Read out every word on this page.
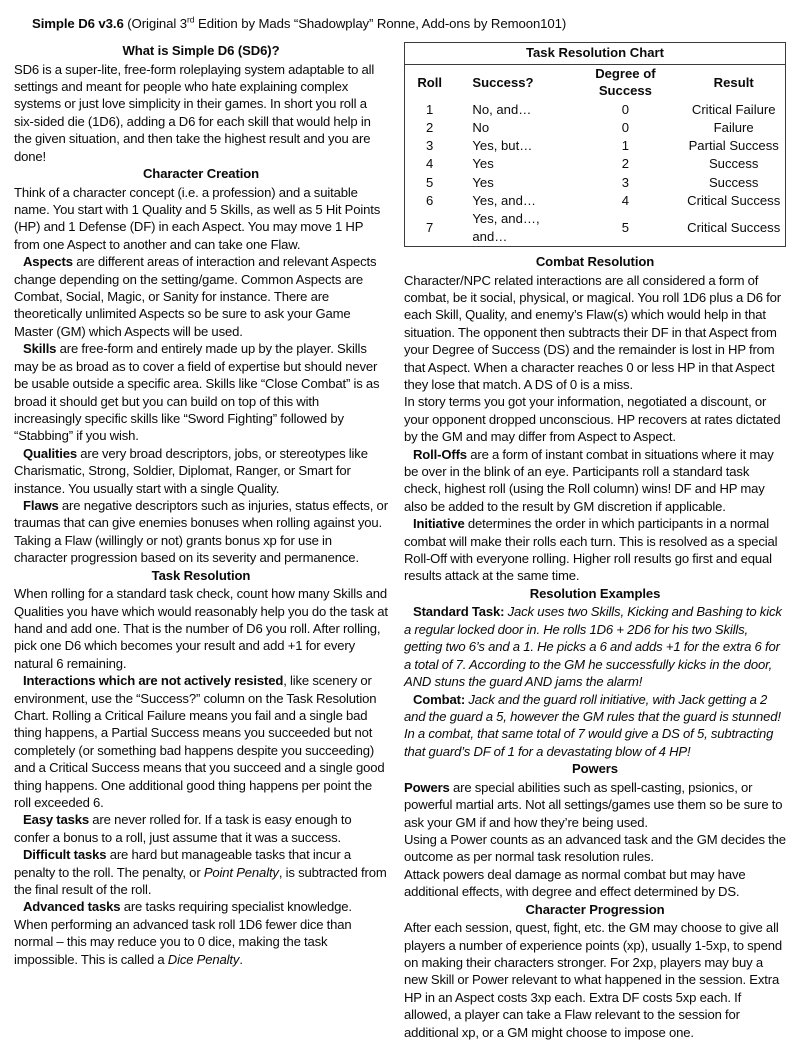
Simple D6 v3.6 (Original 3rd Edition by Mads “Shadowplay” Ronne, Add-ons by Remoon101)
What is Simple D6 (SD6)?

SD6 is a super-lite, free-form roleplaying system adaptable to all settings and meant for people who hate explaining complex systems or just love simplicity in their games. In short you roll a six-sided die (1D6), adding a D6 for each skill that would help in the given situation, and then take the highest result and you are done!

Character Creation

Think of a character concept (i.e. a profession) and a suitable name. You start with 1 Quality and 5 Skills, as well as 5 Hit Points (HP) and 1 Defense (DF) in each Aspect. You may move 1 HP from one Aspect to another and can take one Flaw.

Aspects are different areas of interaction and relevant Aspects change depending on the setting/game. Common Aspects are Combat, Social, Magic, or Sanity for instance. There are theoretically unlimited Aspects so be sure to ask your Game Master (GM) which Aspects will be used.

Skills are free-form and entirely made up by the player. Skills may be as broad as to cover a field of expertise but should never be usable outside a specific area. Skills like “Close Combat” is as broad it should get but you can build on top of this with increasingly specific skills like “Sword Fighting” followed by “Stabbing” if you wish.

Qualities are very broad descriptors, jobs, or stereotypes like Charismatic, Strong, Soldier, Diplomat, Ranger, or Smart for instance. You usually start with a single Quality.

Flaws are negative descriptors such as injuries, status effects, or traumas that can give enemies bonuses when rolling against you. Taking a Flaw (willingly or not) grants bonus xp for use in character progression based on its severity and permanence.

Task Resolution

When rolling for a standard task check, count how many Skills and Qualities you have which would reasonably help you do the task at hand and add one. That is the number of D6 you roll. After rolling, pick one D6 which becomes your result and add +1 for every natural 6 remaining.

Interactions which are not actively resisted, like scenery or environment, use the “Success?” column on the Task Resolution Chart. Rolling a Critical Failure means you fail and a single bad thing happens, a Partial Success means you succeeded but not completely (or something bad happens despite you succeeding) and a Critical Success means that you succeed and a single good thing happens. One additional good thing happens per point the roll exceeded 6.

Easy tasks are never rolled for. If a task is easy enough to confer a bonus to a roll, just assume that it was a success.

Difficult tasks are hard but manageable tasks that incur a penalty to the roll. The penalty, or Point Penalty, is subtracted from the final result of the roll.

Advanced tasks are tasks requiring specialist knowledge. When performing an advanced task roll 1D6 fewer dice than normal – this may reduce you to 0 dice, making the task impossible. This is called a Dice Penalty.

Task Resolution Chart
Roll	Success?	Degree of Success	Result
1	No, and…	0	Critical Failure
2	No	0	Failure
3	Yes, but…	1	Partial Success
4	Yes	2	Success
5	Yes	3	Success
6	Yes, and…	4	Critical Success
7	Yes, and…, and…	5	Critical Success
Combat Resolution

Character/NPC related interactions are all considered a form of combat, be it social, physical, or magical. You roll 1D6 plus a D6 for each Skill, Quality, and enemy’s Flaw(s) which would help in that situation. The opponent then subtracts their DF in that Aspect from your Degree of Success (DS) and the remainder is lost in HP from that Aspect. When a character reaches 0 or less HP in that Aspect they lose that match. A DS of 0 is a miss.

In story terms you got your information, negotiated a discount, or your opponent dropped unconscious. HP recovers at rates dictated by the GM and may differ from Aspect to Aspect.

Roll-Offs are a form of instant combat in situations where it may be over in the blink of an eye. Participants roll a standard task check, highest roll (using the Roll column) wins! DF and HP may also be added to the result by GM discretion if applicable.

Initiative determines the order in which participants in a normal combat will make their rolls each turn. This is resolved as a special Roll-Off with everyone rolling. Higher roll results go first and equal results attack at the same time.

Resolution Examples

Standard Task: Jack uses two Skills, Kicking and Bashing to kick a regular locked door in. He rolls 1D6 + 2D6 for his two Skills, getting two 6’s and a 1. He picks a 6 and adds +1 for the extra 6 for a total of 7. According to the GM he successfully kicks in the door, AND stuns the guard AND jams the alarm!

Combat: Jack and the guard roll initiative, with Jack getting a 2 and the guard a 5, however the GM rules that the guard is stunned! In a combat, that same total of 7 would give a DS of 5, subtracting that guard’s DF of 1 for a devastating blow of 4 HP!

Powers

Powers are special abilities such as spell-casting, psionics, or powerful martial arts. Not all settings/games use them so be sure to ask your GM if and how they’re being used.

Using a Power counts as an advanced task and the GM decides the outcome as per normal task resolution rules.

Attack powers deal damage as normal combat but may have additional effects, with degree and effect determined by DS.

Character Progression

After each session, quest, fight, etc. the GM may choose to give all players a number of experience points (xp), usually 1-5xp, to spend on making their characters stronger. For 2xp, players may buy a new Skill or Power relevant to what happened in the session. Extra HP in an Aspect costs 3xp each. Extra DF costs 5xp each. If allowed, a player can take a Flaw relevant to the session for additional xp, or a GM might choose to impose one.
